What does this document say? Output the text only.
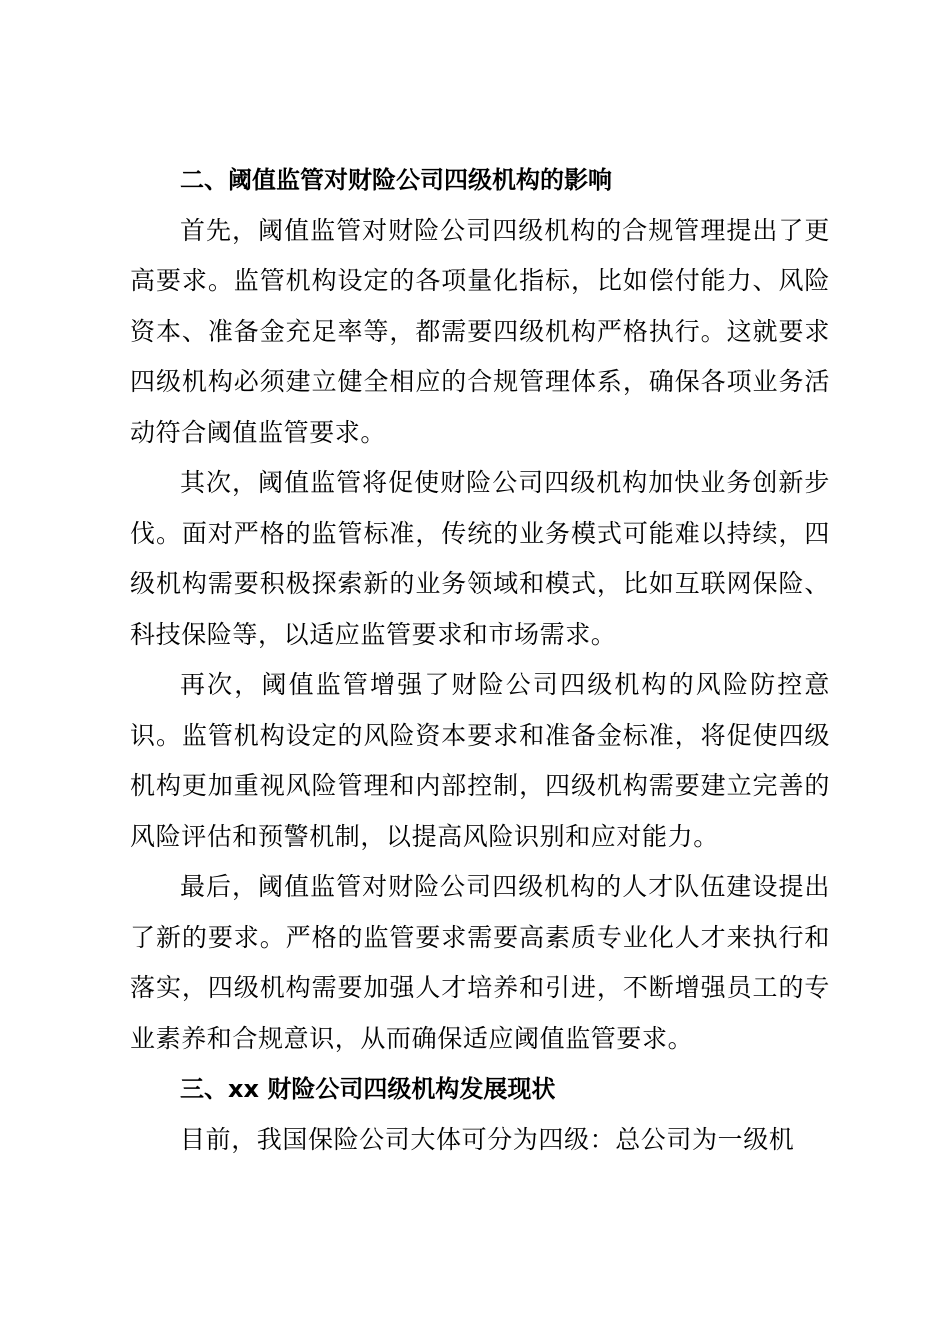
二、阈值监管对财险公司四级机构的影响

首先，阈值监管对财险公司四级机构的合规管理提出了更高要求。监管机构设定的各项量化指标，比如偿付能力、风险资本、准备金充足率等，都需要四级机构严格执行。这就要求四级机构必须建立健全相应的合规管理体系，确保各项业务活动符合阈值监管要求。

其次，阈值监管将促使财险公司四级机构加快业务创新步伐。面对严格的监管标准，传统的业务模式可能难以持续，四级机构需要积极探索新的业务领域和模式，比如互联网保险、科技保险等，以适应监管要求和市场需求。

再次，阈值监管增强了财险公司四级机构的风险防控意识。监管机构设定的风险资本要求和准备金标准，将促使四级机构更加重视风险管理和内部控制，四级机构需要建立完善的风险评估和预警机制，以提高风险识别和应对能力。

最后，阈值监管对财险公司四级机构的人才队伍建设提出了新的要求。严格的监管要求需要高素质专业化人才来执行和落实，四级机构需要加强人才培养和引进，不断增强员工的专业素养和合规意识，从而确保适应阈值监管要求。

三、xx 财险公司四级机构发展现状

目前，我国保险公司大体可分为四级：总公司为一级机
